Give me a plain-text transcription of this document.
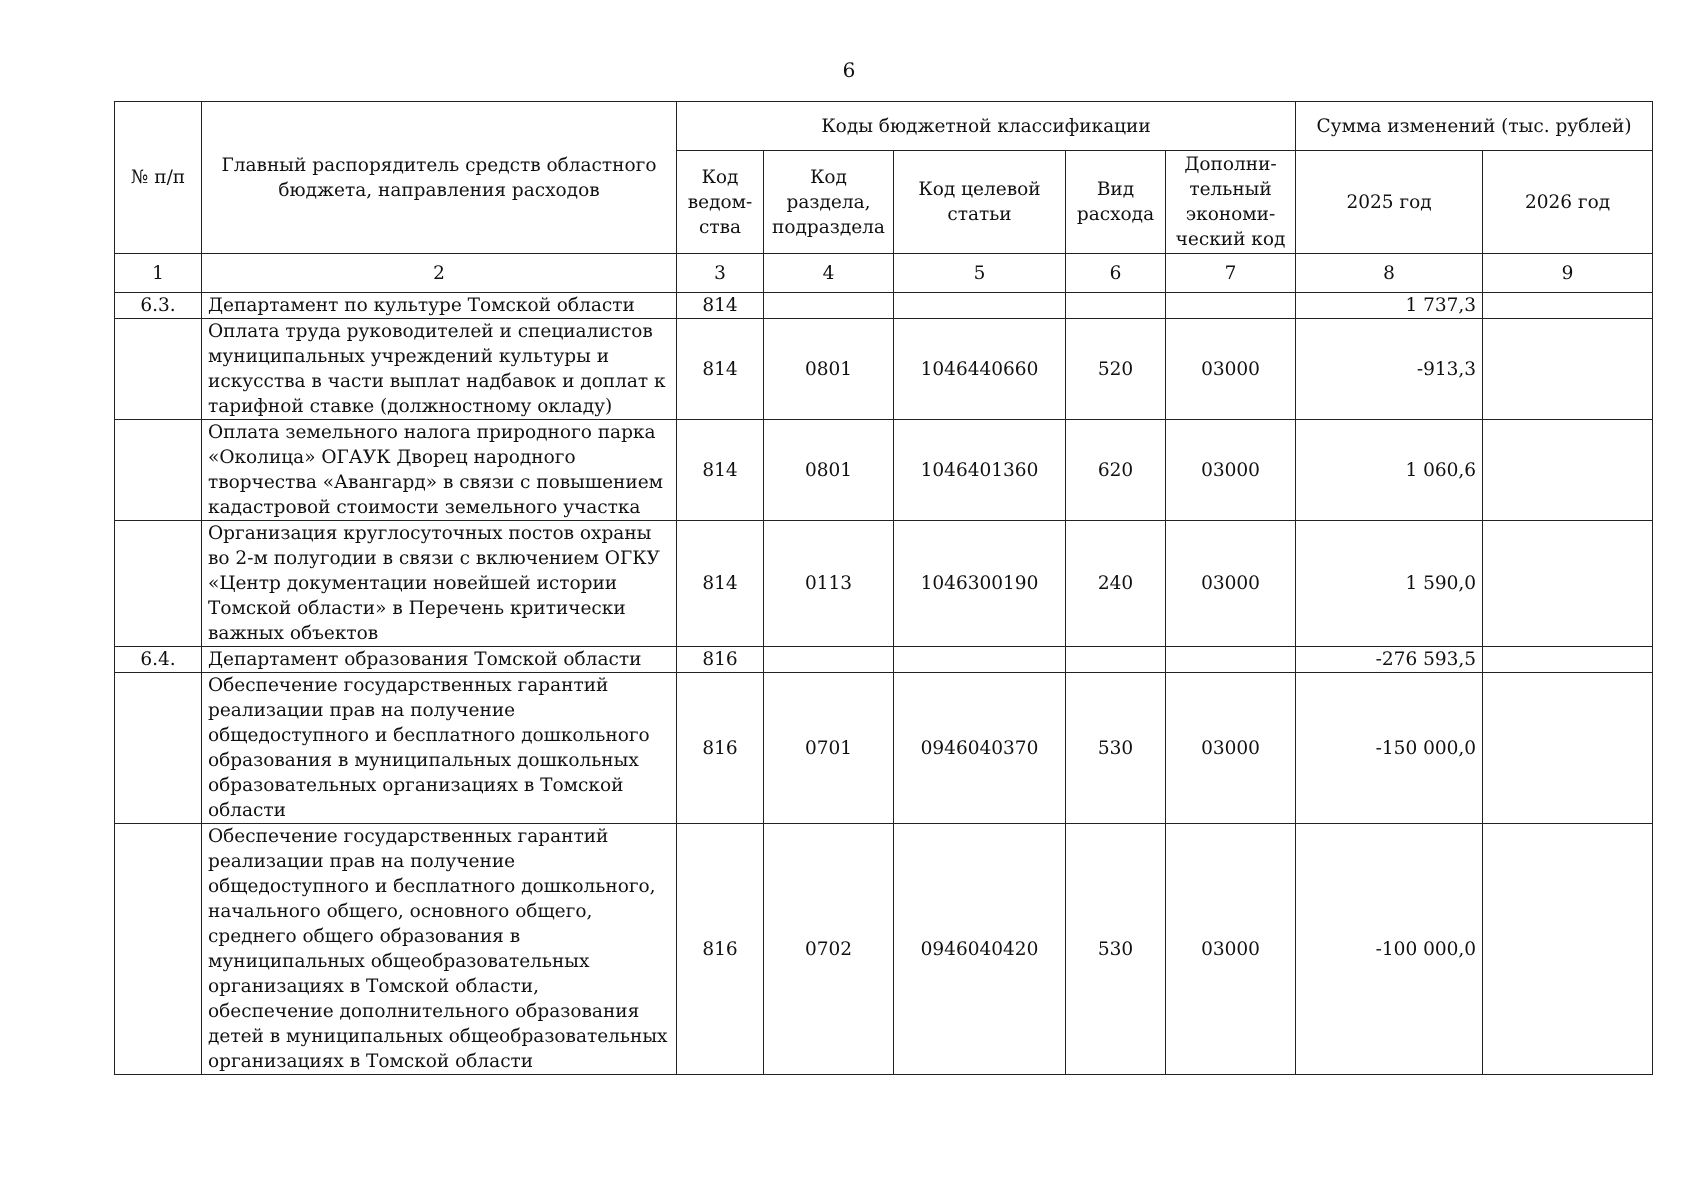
6
№ п/п	Главный распорядитель средств областного бюджета, направления расходов	Коды бюджетной классификации					Сумма изменений (тыс. рублей)	
		Код ведом-ства	Код раздела, подраздела	Код целевой статьи	Вид расхода	Дополни-тельный экономи-ческий код	2025 год	2026 год
1	2	3	4	5	6	7	8	9
6.3.	Департамент по культуре Томской области	814					1 737,3	
	Оплата труда руководителей и специалистов муниципальных учреждений культуры и искусства в части выплат надбавок и доплат к тарифной ставке (должностному окладу)	814	0801	1046440660	520	03000	-913,3	
	Оплата земельного налога природного парка «Околица» ОГАУК Дворец народного творчества «Авангард» в связи с повышением кадастровой стоимости земельного участка	814	0801	1046401360	620	03000	1 060,6	
	Организация круглосуточных постов охраны во 2-м полугодии в связи с включением ОГКУ «Центр документации новейшей истории Томской области» в Перечень критически важных объектов	814	0113	1046300190	240	03000	1 590,0	
6.4.	Департамент образования Томской области	816					-276 593,5	
	Обеспечение государственных гарантий реализации прав на получение общедоступного и бесплатного дошкольного образования в муниципальных дошкольных образовательных организациях в Томской области	816	0701	0946040370	530	03000	-150 000,0	
	Обеспечение государственных гарантий реализации прав на получение общедоступного и бесплатного дошкольного, начального общего, основного общего, среднего общего образования в муниципальных общеобразовательных организациях в Томской области, обеспечение дополнительного образования детей в муниципальных общеобразовательных организациях в Томской области	816	0702	0946040420	530	03000	-100 000,0	
